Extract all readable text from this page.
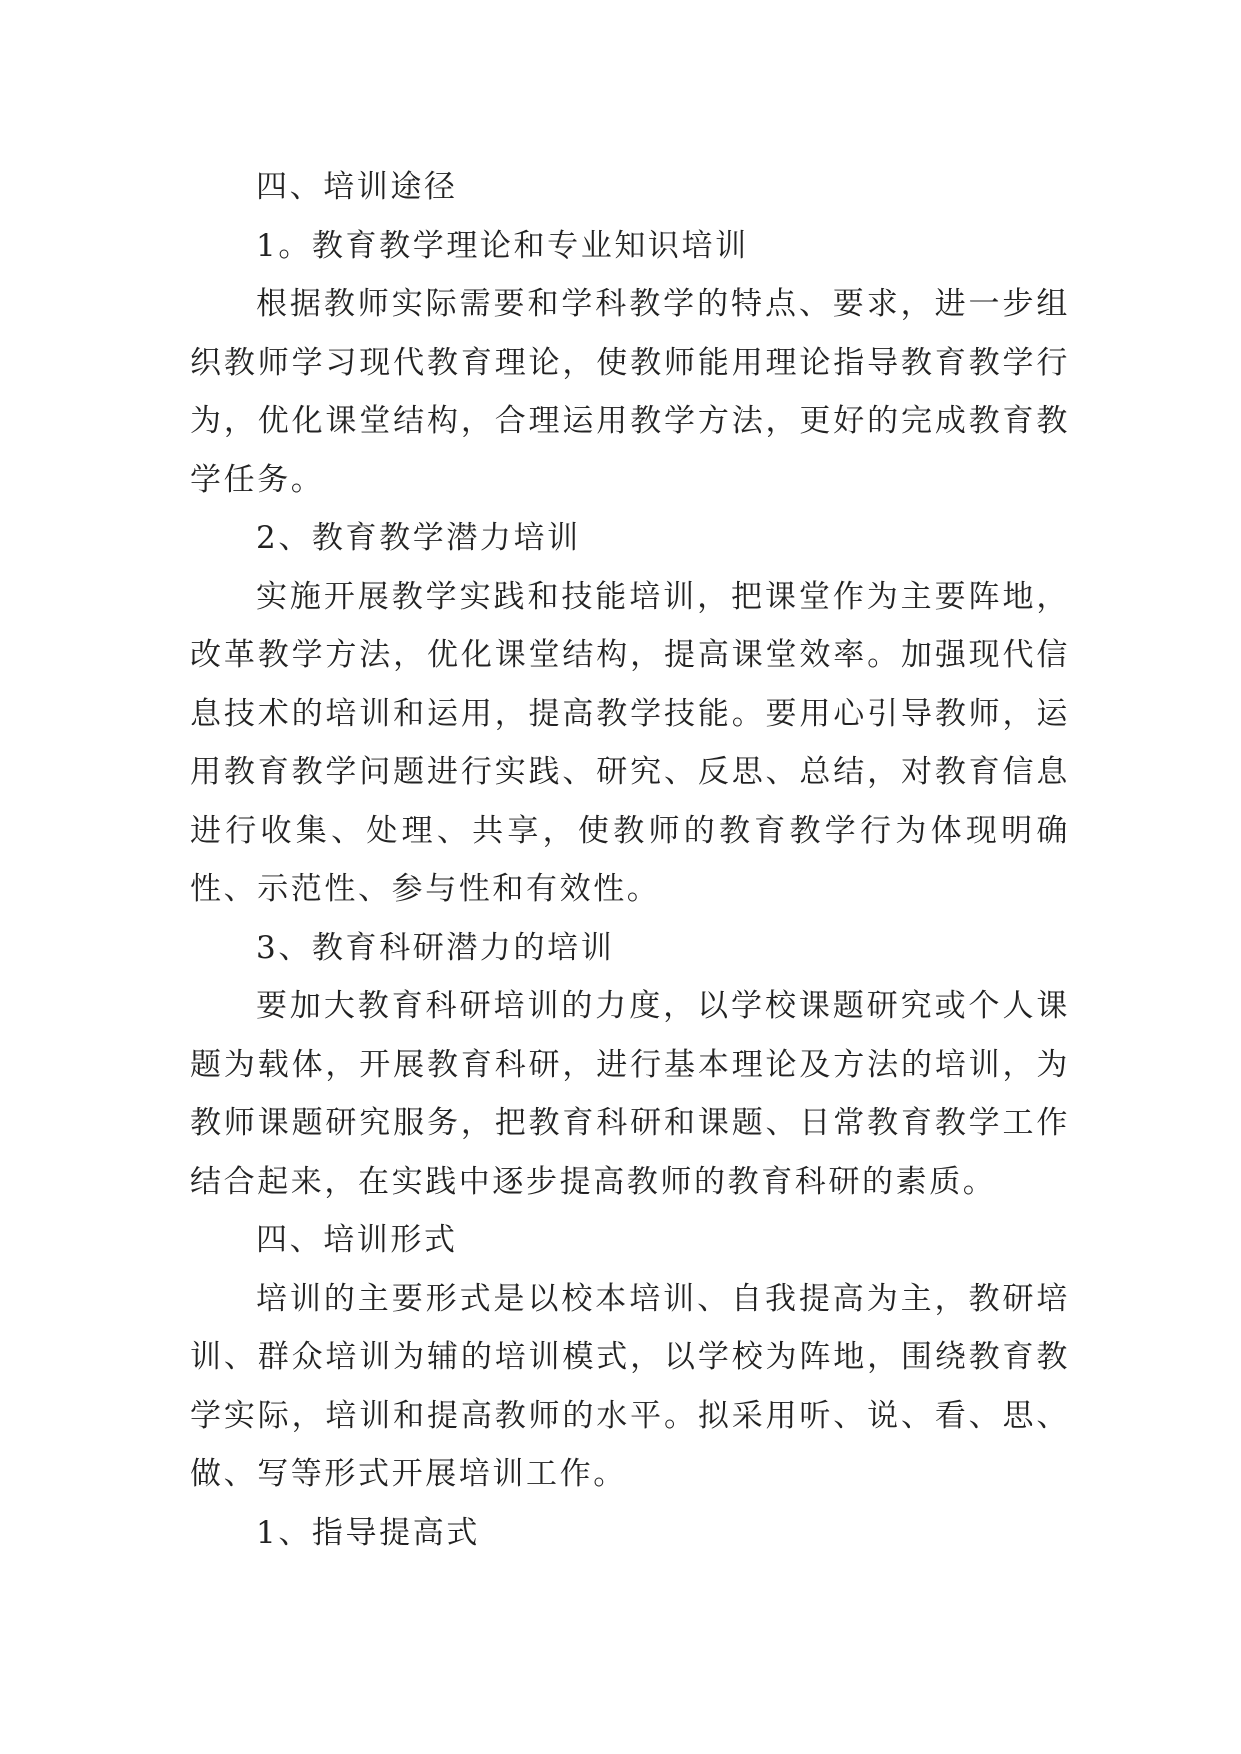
四、培训途径

1。教育教学理论和专业知识培训

根据教师实际需要和学科教学的特点、要求，进一步组织教师学习现代教育理论，使教师能用理论指导教育教学行为，优化课堂结构，合理运用教学方法，更好的完成教育教学任务。

2、教育教学潜力培训

实施开展教学实践和技能培训，把课堂作为主要阵地，改革教学方法，优化课堂结构，提高课堂效率。加强现代信息技术的培训和运用，提高教学技能。要用心引导教师，运用教育教学问题进行实践、研究、反思、总结，对教育信息进行收集、处理、共享，使教师的教育教学行为体现明确性、示范性、参与性和有效性。

3、教育科研潜力的培训

要加大教育科研培训的力度，以学校课题研究或个人课题为载体，开展教育科研，进行基本理论及方法的培训，为教师课题研究服务，把教育科研和课题、日常教育教学工作结合起来，在实践中逐步提高教师的教育科研的素质。

四、培训形式

培训的主要形式是以校本培训、自我提高为主，教研培训、群众培训为辅的培训模式，以学校为阵地，围绕教育教学实际，培训和提高教师的水平。拟采用听、说、看、思、做、写等形式开展培训工作。

1、指导提高式
